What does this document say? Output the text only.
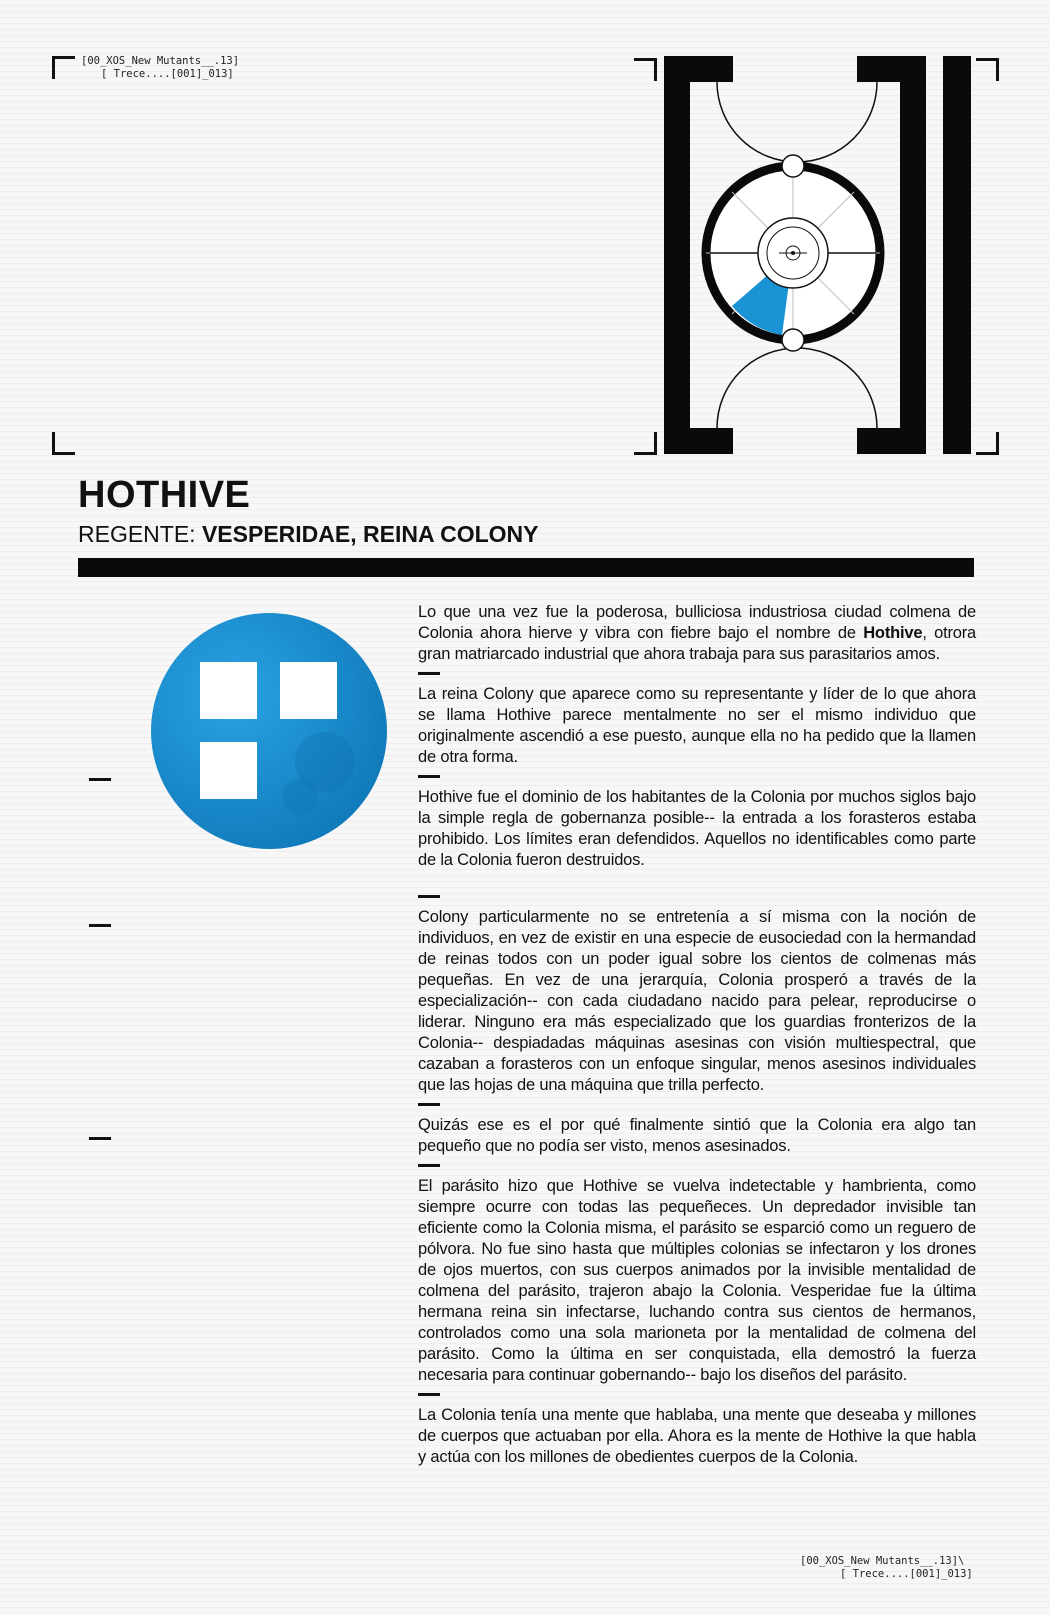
[00_XOS_New Mutants__.13]
[ Trece....[001]_013]
HOTHIVE
REGENTE: VESPERIDAE, REINA COLONY

Lo que una vez fue la poderosa, bulliciosa industriosa ciudad colmena de Colonia ahora hierve y vibra con fiebre bajo el nombre de Hothive, otrora gran matriarcado industrial que ahora trabaja para sus parasitarios amos.

La reina Colony que aparece como su representante y líder de lo que ahora se llama Hothive parece mentalmente no ser el mismo individuo que originalmente ascendió a ese puesto, aunque ella no ha pedido que la llamen de otra forma.

Hothive fue el dominio de los habitantes de la Colonia por muchos siglos bajo la simple regla de gobernanza posible-- la entrada a los forasteros estaba prohibido. Los límites eran defendidos. Aquellos no identificables como parte de la Colonia fueron destruidos.

Colony particularmente no se entretenía a sí misma con la noción de individuos, en vez de existir en una especie de eusociedad con la hermandad de reinas todos con un poder igual sobre los cientos de colmenas más pequeñas. En vez de una jerarquía, Colonia prosperó a través de la especialización-- con cada ciudadano nacido para pelear, reproducirse o liderar. Ninguno era más especializado que los guardias fronterizos de la Colonia-- despiadadas máquinas asesinas con visión multiespectral, que cazaban a forasteros con un enfoque singular, menos asesinos individuales que las hojas de una máquina que trilla perfecto.

Quizás ese es el por qué finalmente sintió que la Colonia era algo tan pequeño que no podía ser visto, menos asesinados.

El parásito hizo que Hothive se vuelva indetectable y hambrienta, como siempre ocurre con todas las pequeñeces. Un depredador invisible tan eficiente como la Colonia misma, el parásito se esparció como un reguero de pólvora. No fue sino hasta que múltiples colonias se infectaron y los drones de ojos muertos, con sus cuerpos animados por la invisible mentalidad de colmena del parásito, trajeron abajo la Colonia. Vesperidae fue la última hermana reina sin infectarse, luchando contra sus cientos de hermanos, controlados como una sola marioneta por la mentalidad de colmena del parásito. Como la última en ser conquistada, ella demostró la fuerza necesaria para continuar gobernando-- bajo los diseños del parásito.

La Colonia tenía una mente que hablaba, una mente que deseaba y millones de cuerpos que actuaban por ella. Ahora es la mente de Hothive la que habla y actúa con los millones de obedientes cuerpos de la Colonia.

[00_XOS_New Mutants__.13]\
[ Trece....[001]_013]
